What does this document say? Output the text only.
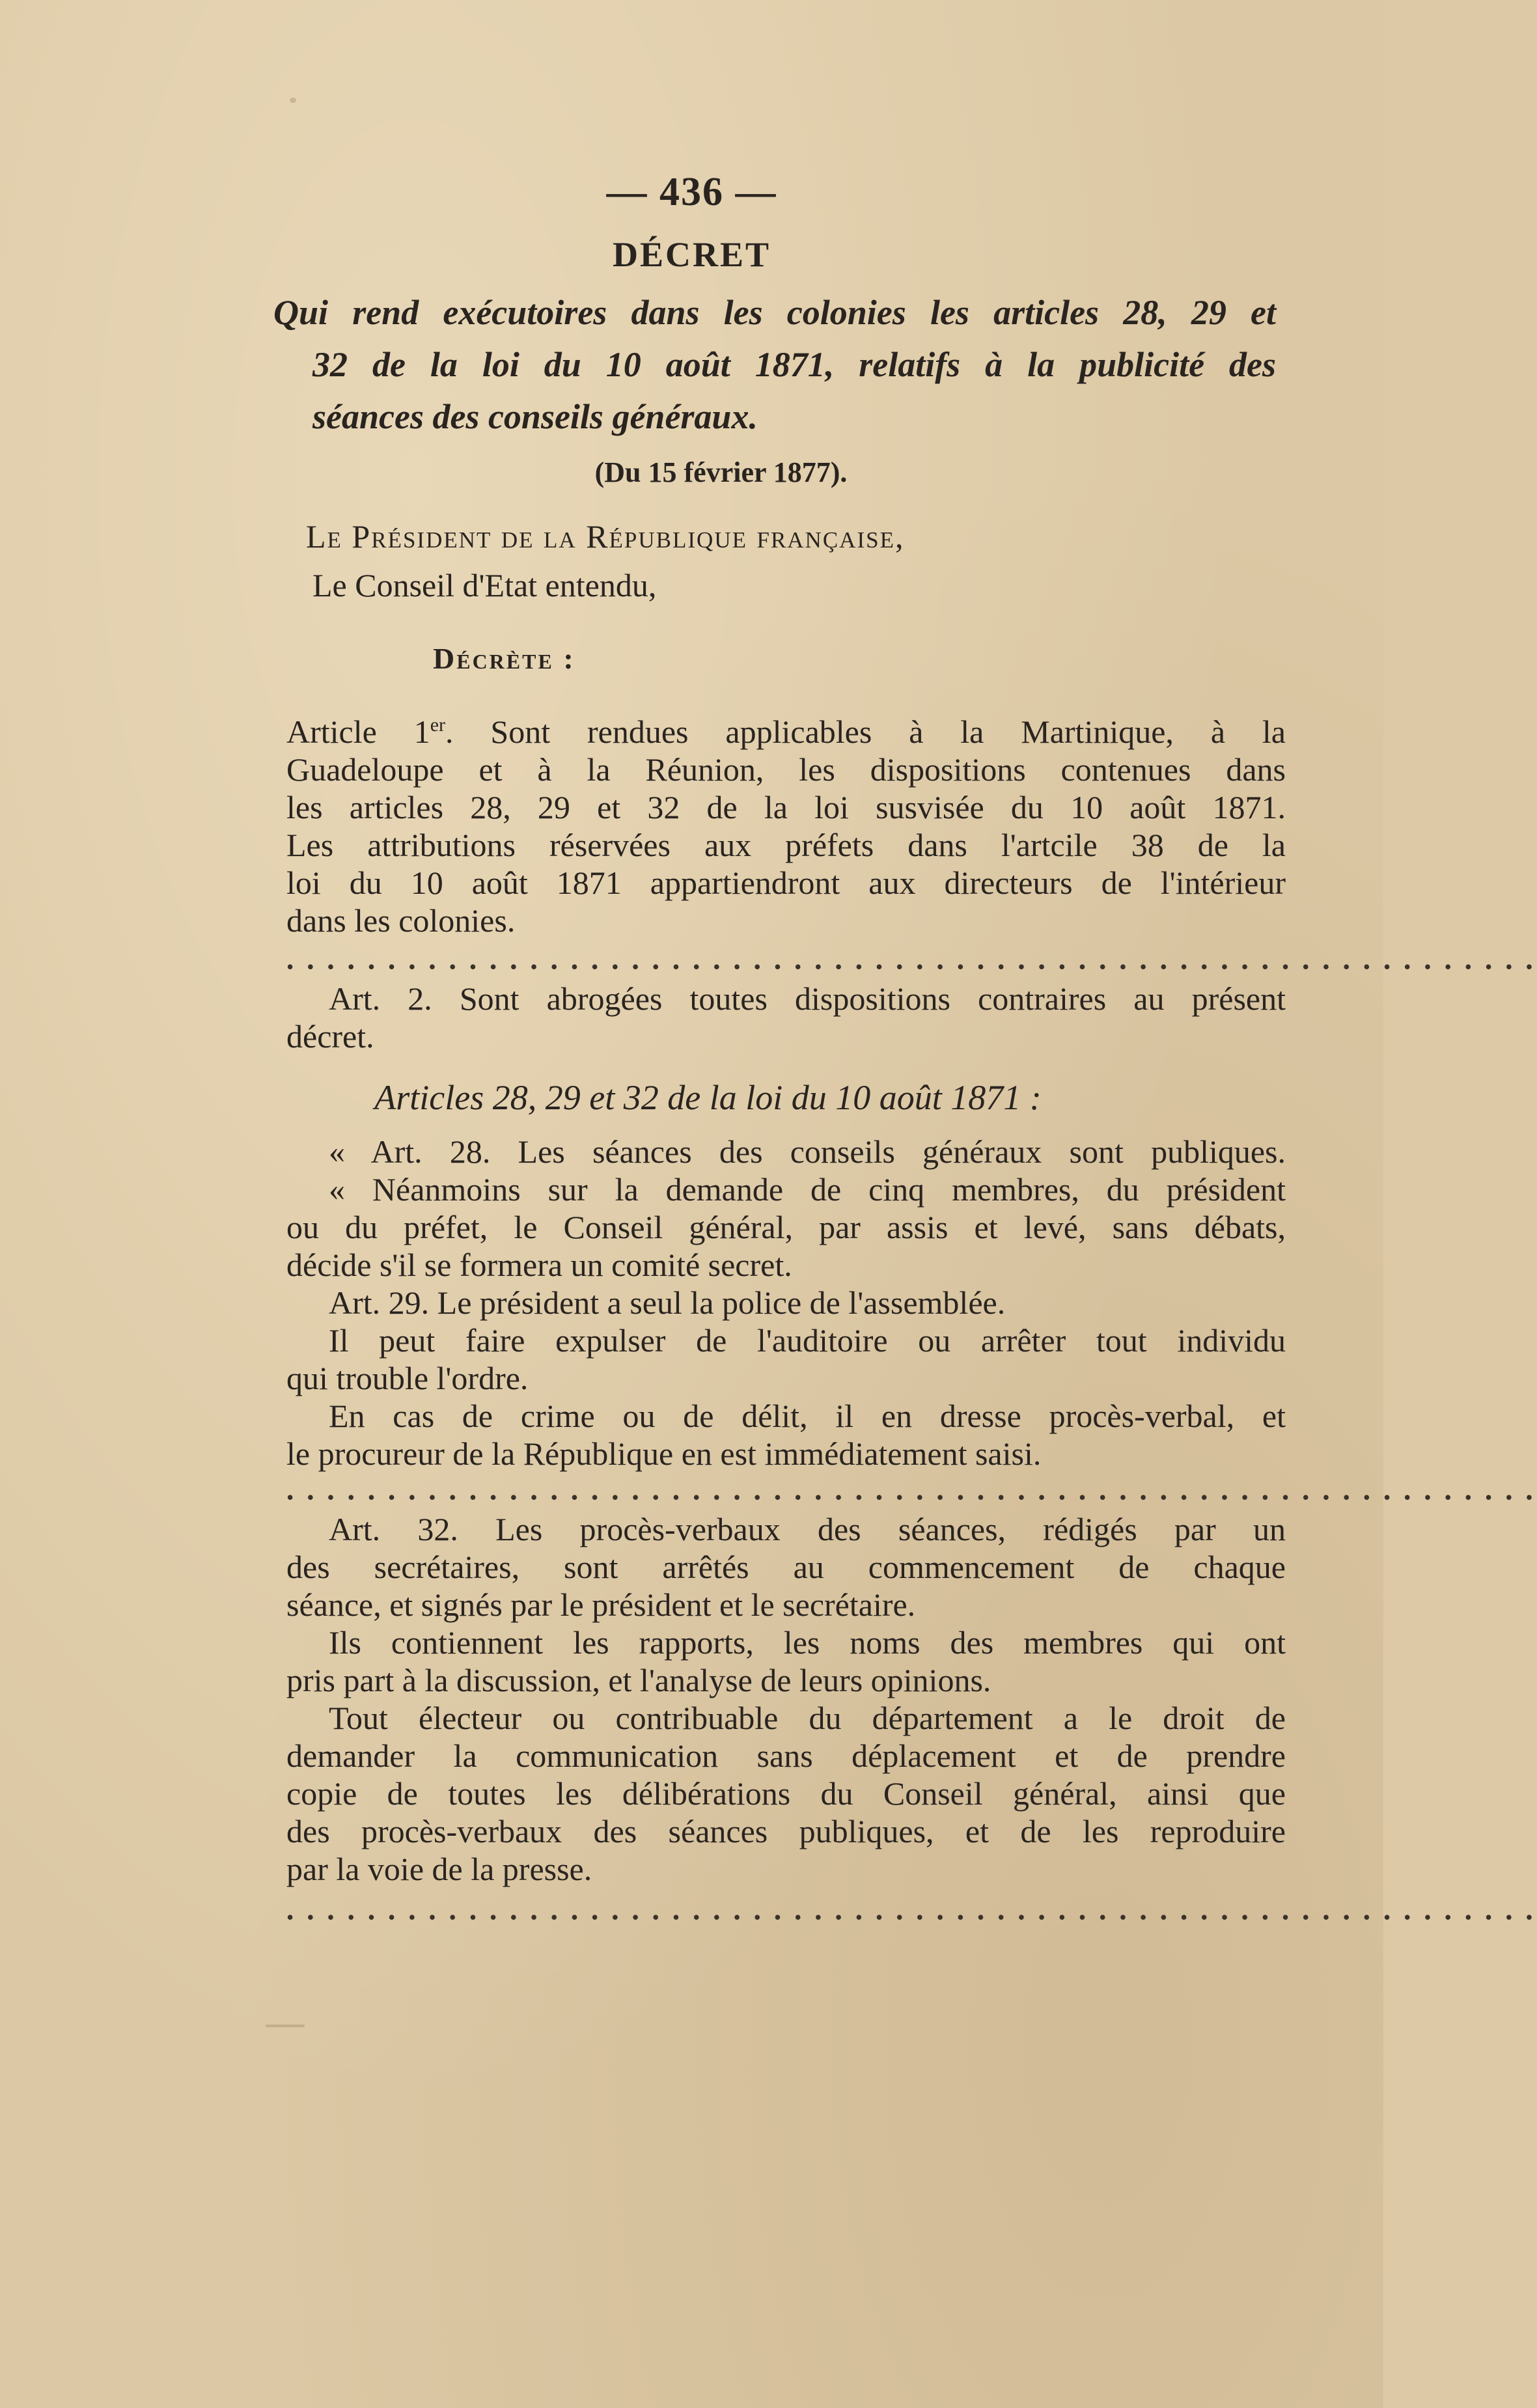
— 436 —
DÉCRET
Qui rend exécutoires dans les colonies les articles 28, 29 et
32 de la loi du 10 août 1871, relatifs à la publicité des
séances des conseils généraux.
(Du 15 février 1877).
Le Président de la République française,
Le Conseil d'Etat entendu,
Décrète :
Article 1er. Sont rendues applicables à la Martinique, à la
Guadeloupe et à la Réunion, les dispositions contenues dans
les articles 28, 29 et 32 de la loi susvisée du 10 août 1871.
Les attributions réservées aux préfets dans l'artcile 38 de la
loi du 10 août 1871 appartiendront aux directeurs de l'intérieur
dans les colonies.
• • • • • • • • • • • • • • • • • • • • • • • • • • • • • • • • • • • • • • • • • • • • • • • • • • • • • • • • • • • • • •
Art. 2. Sont abrogées toutes dispositions contraires au présent
décret.
Articles 28, 29 et 32 de la loi du 10 août 1871 :
« Art. 28. Les séances des conseils généraux sont publiques.
« Néanmoins sur la demande de cinq membres, du président
ou du préfet, le Conseil général, par assis et levé, sans débats,
décide s'il se formera un comité secret.
Art. 29. Le président a seul la police de l'assemblée.
Il peut faire expulser de l'auditoire ou arrêter tout individu
qui trouble l'ordre.
En cas de crime ou de délit, il en dresse procès-verbal, et
le procureur de la République en est immédiatement saisi.
• • • • • • • • • • • • • • • • • • • • • • • • • • • • • • • • • • • • • • • • • • • • • • • • • • • • • • • • • • • • • •
Art. 32. Les procès-verbaux des séances, rédigés par un
des secrétaires, sont arrêtés au commencement de chaque
séance, et signés par le président et le secrétaire.
Ils contiennent les rapports, les noms des membres qui ont
pris part à la discussion, et l'analyse de leurs opinions.
Tout électeur ou contribuable du département a le droit de
demander la communication sans déplacement et de prendre
copie de toutes les délibérations du Conseil général, ainsi que
des procès-verbaux des séances publiques, et de les reproduire
par la voie de la presse.
• • • • • • • • • • • • • • • • • • • • • • • • • • • • • • • • • • • • • • • • • • • • • • • • • • • • • • • • • • • • • •
